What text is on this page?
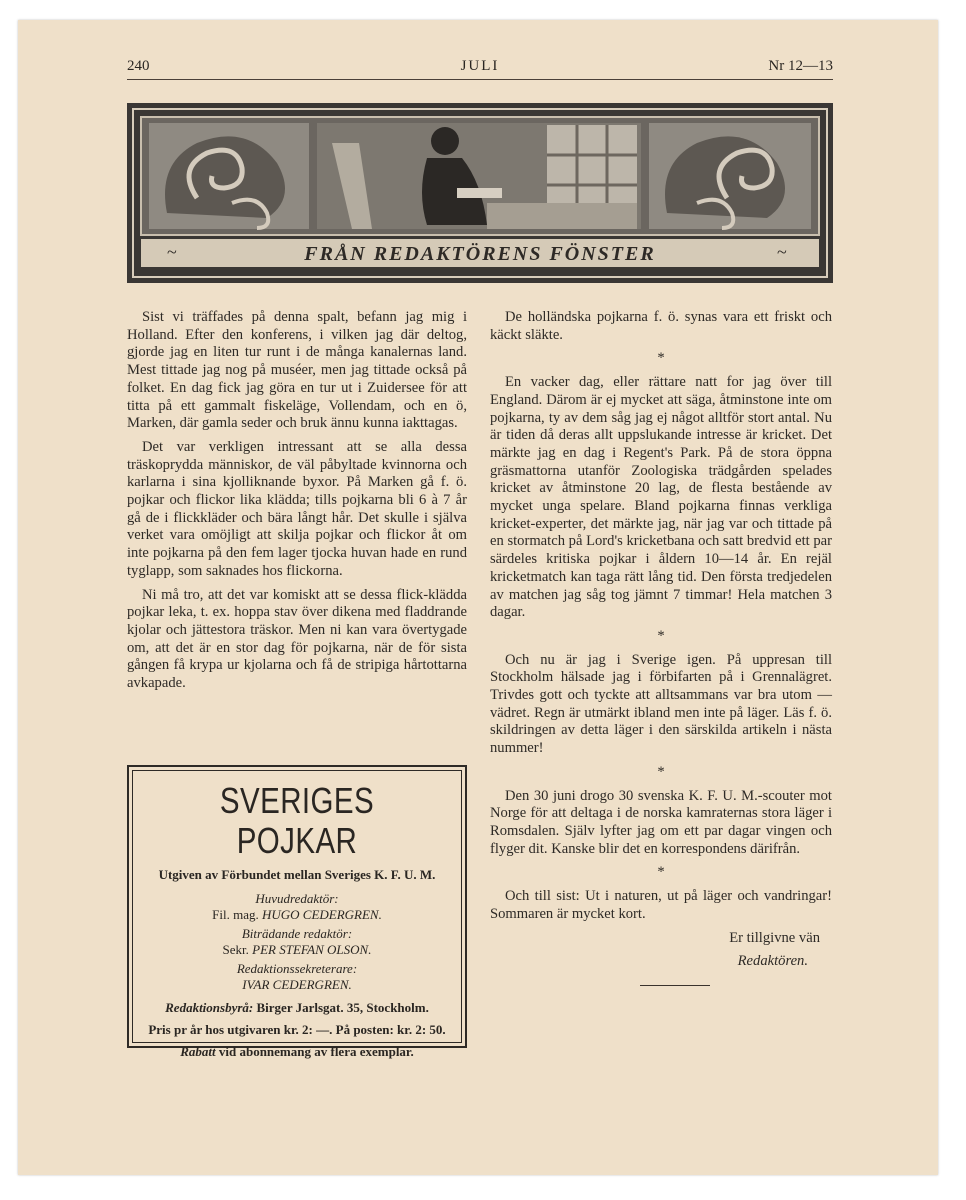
240	JULI	Nr 12—13
FRÅN REDAKTÖRENS FÖNSTER
~	~

Sist vi träffades på denna spalt, befann jag mig i Holland. Efter den konferens, i vilken jag där deltog, gjorde jag en liten tur runt i de många kanalernas land. Mest tittade jag nog på muséer, men jag tittade också på folket. En dag fick jag göra en tur ut i Zuidersee för att titta på ett gammalt fiskeläge, Vollendam, och en ö, Marken, där gamla seder och bruk ännu kunna iakttagas.

Det var verkligen intressant att se alla dessa träskoprydda människor, de väl påbyltade kvinnorna och karlarna i sina kjolliknande byxor. På Marken gå f. ö. pojkar och flickor lika klädda; tills pojkarna bli 6 à 7 år gå de i flickkläder och bära långt hår. Det skulle i själva verket vara omöjligt att skilja pojkar och flickor åt om inte pojkarna på den fem lager tjocka huvan hade en rund tyglapp, som saknades hos flickorna.

Ni må tro, att det var komiskt att se dessa flick-klädda pojkar leka, t. ex. hoppa stav över dikena med fladdrande kjolar och jättestora träskor. Men ni kan vara övertygade om, att det är en stor dag för pojkarna, när de för sista gången få krypa ur kjolarna och få de stripiga hårtottarna avkapade.

SVERIGES POJKAR
Utgiven av Förbundet mellan Sveriges K. F. U. M.
Huvudredaktör:
Fil. mag. HUGO CEDERGREN.
Biträdande redaktör:
Sekr. PER STEFAN OLSON.
Redaktionssekreterare:
IVAR CEDERGREN.
Redaktionsbyrå: Birger Jarlsgat. 35, Stockholm.
Pris pr år hos utgivaren kr. 2: —. På posten: kr. 2: 50.
Rabatt vid abonnemang av flera exemplar.

De holländska pojkarna f. ö. synas vara ett friskt och käckt släkte.

*

En vacker dag, eller rättare natt for jag över till England. Därom är ej mycket att säga, åtminstone inte om pojkarna, ty av dem såg jag ej något alltför stort antal. Nu är tiden då deras allt uppslukande intresse är kricket. Det märkte jag en dag i Regent's Park. På de stora öppna gräsmattorna utanför Zoologiska trädgården spelades kricket av åtminstone 20 lag, de flesta bestående av mycket unga spelare. Bland pojkarna finnas verkliga kricket-experter, det märkte jag, när jag var och tittade på en stormatch på Lord's kricketbana och satt bredvid ett par särdeles kritiska pojkar i åldern 10—14 år. En rejäl kricketmatch kan taga rätt lång tid. Den första tredjedelen av matchen jag såg tog jämnt 7 timmar! Hela matchen 3 dagar.

*

Och nu är jag i Sverige igen. På uppresan till Stockholm hälsade jag i förbifarten på i Grennalägret. Trivdes gott och tyckte att alltsammans var bra utom — vädret. Regn är utmärkt ibland men inte på läger. Läs f. ö. skildringen av detta läger i den särskilda artikeln i nästa nummer!

*

Den 30 juni drogo 30 svenska K. F. U. M.-scouter mot Norge för att deltaga i de norska kamraternas stora läger i Romsdalen. Själv lyfter jag om ett par dagar vingen och flyger dit. Kanske blir det en korrespondens därifrån.

*

Och till sist: Ut i naturen, ut på läger och vandringar! Sommaren är mycket kort.

Er tillgivne vän

Redaktören.
